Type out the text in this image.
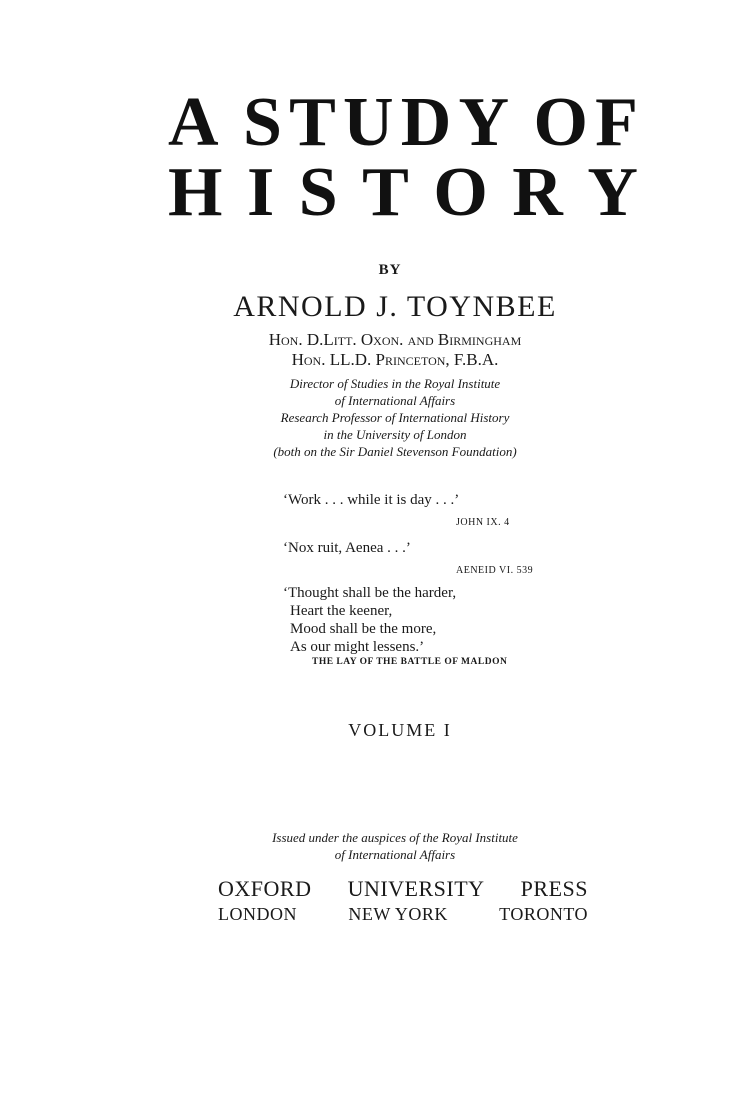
A S T U D Y O F
H I S T O R Y
BY
ARNOLD J. TOYNBEE
Hon. D.Litt. Oxon. and Birmingham
Hon. LL.D. Princeton, F.B.A.
Director of Studies in the Royal Institute
of International Affairs
Research Professor of International History
in the University of London
(both on the Sir Daniel Stevenson Foundation)
‘Work . . . while it is day . . .’
JOHN IX. 4
‘Nox ruit, Aenea . . .’
AENEID VI. 539
‘Thought shall be the harder,
Heart the keener,
Mood shall be the more,
As our might lessens.’
THE LAY OF THE BATTLE OF MALDON
VOLUME I
Issued under the auspices of the Royal Institute
of International Affairs
OXFORD UNIVERSITY PRESS
LONDON	NEW YORK	TORONTO
